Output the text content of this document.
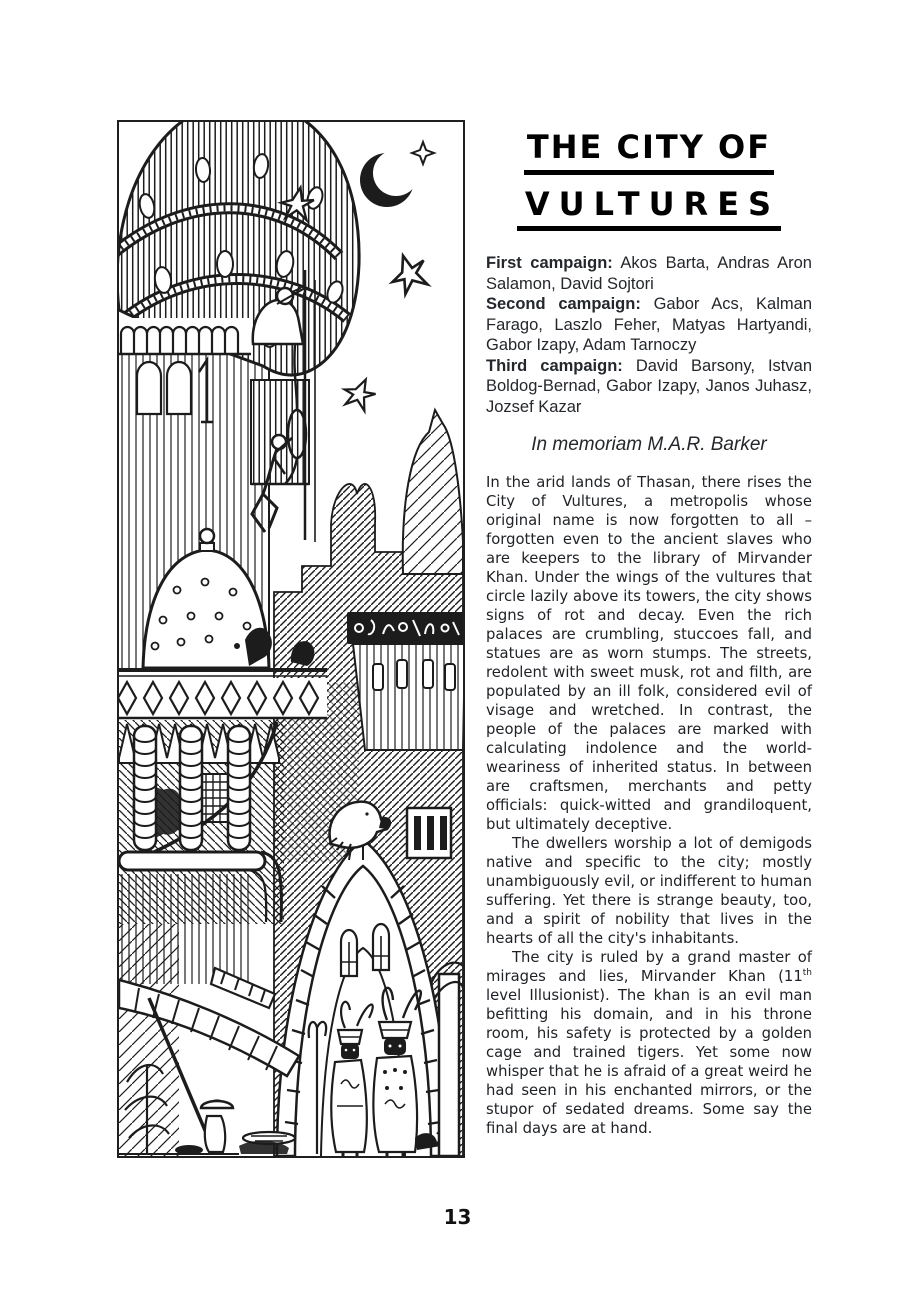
THE CITY OF
VULTURES
First campaign: Akos Barta, Andras Aron Salamon, David Sojtori
Second campaign: Gabor Acs, Kalman Farago, Laszlo Feher, Matyas Hartyandi, Gabor Izapy, Adam Tarnoczy
Third campaign: David Barsony, Istvan Boldog-Bernad, Gabor Izapy, Janos Juhasz, Jozsef Kazar
In memoriam M.A.R. Barker

In the arid lands of Thasan, there rises the City of Vultures, a metropolis whose original name is now forgotten to all – forgotten even to the ancient slaves who are keepers to the library of Mirvander Khan. Under the wings of the vultures that circle lazily above its towers, the city shows signs of rot and decay. Even the rich palaces are crumbling, stuccoes fall, and statues are as worn stumps. The streets, redolent with sweet musk, rot and filth, are populated by an ill folk, considered evil of visage and wretched. In contrast, the people of the palaces are marked with calculating indolence and the world-weariness of inherited status. In between are craftsmen, merchants and petty officials: quick-witted and grandiloquent, but ultimately deceptive.

The dwellers worship a lot of demigods native and specific to the city; mostly unambiguously evil, or indifferent to human suffering. Yet there is strange beauty, too, and a spirit of nobility that lives in the hearts of all the city's inhabitants.

The city is ruled by a grand master of mirages and lies, Mirvander Khan (11th level Illusionist). The khan is an evil man befitting his domain, and in his throne room, his safety is protected by a golden cage and trained tigers. Yet some now whisper that he is afraid of a great weird he had seen in his enchanted mirrors, or the stupor of sedated dreams. Some say the final days are at hand.

13
